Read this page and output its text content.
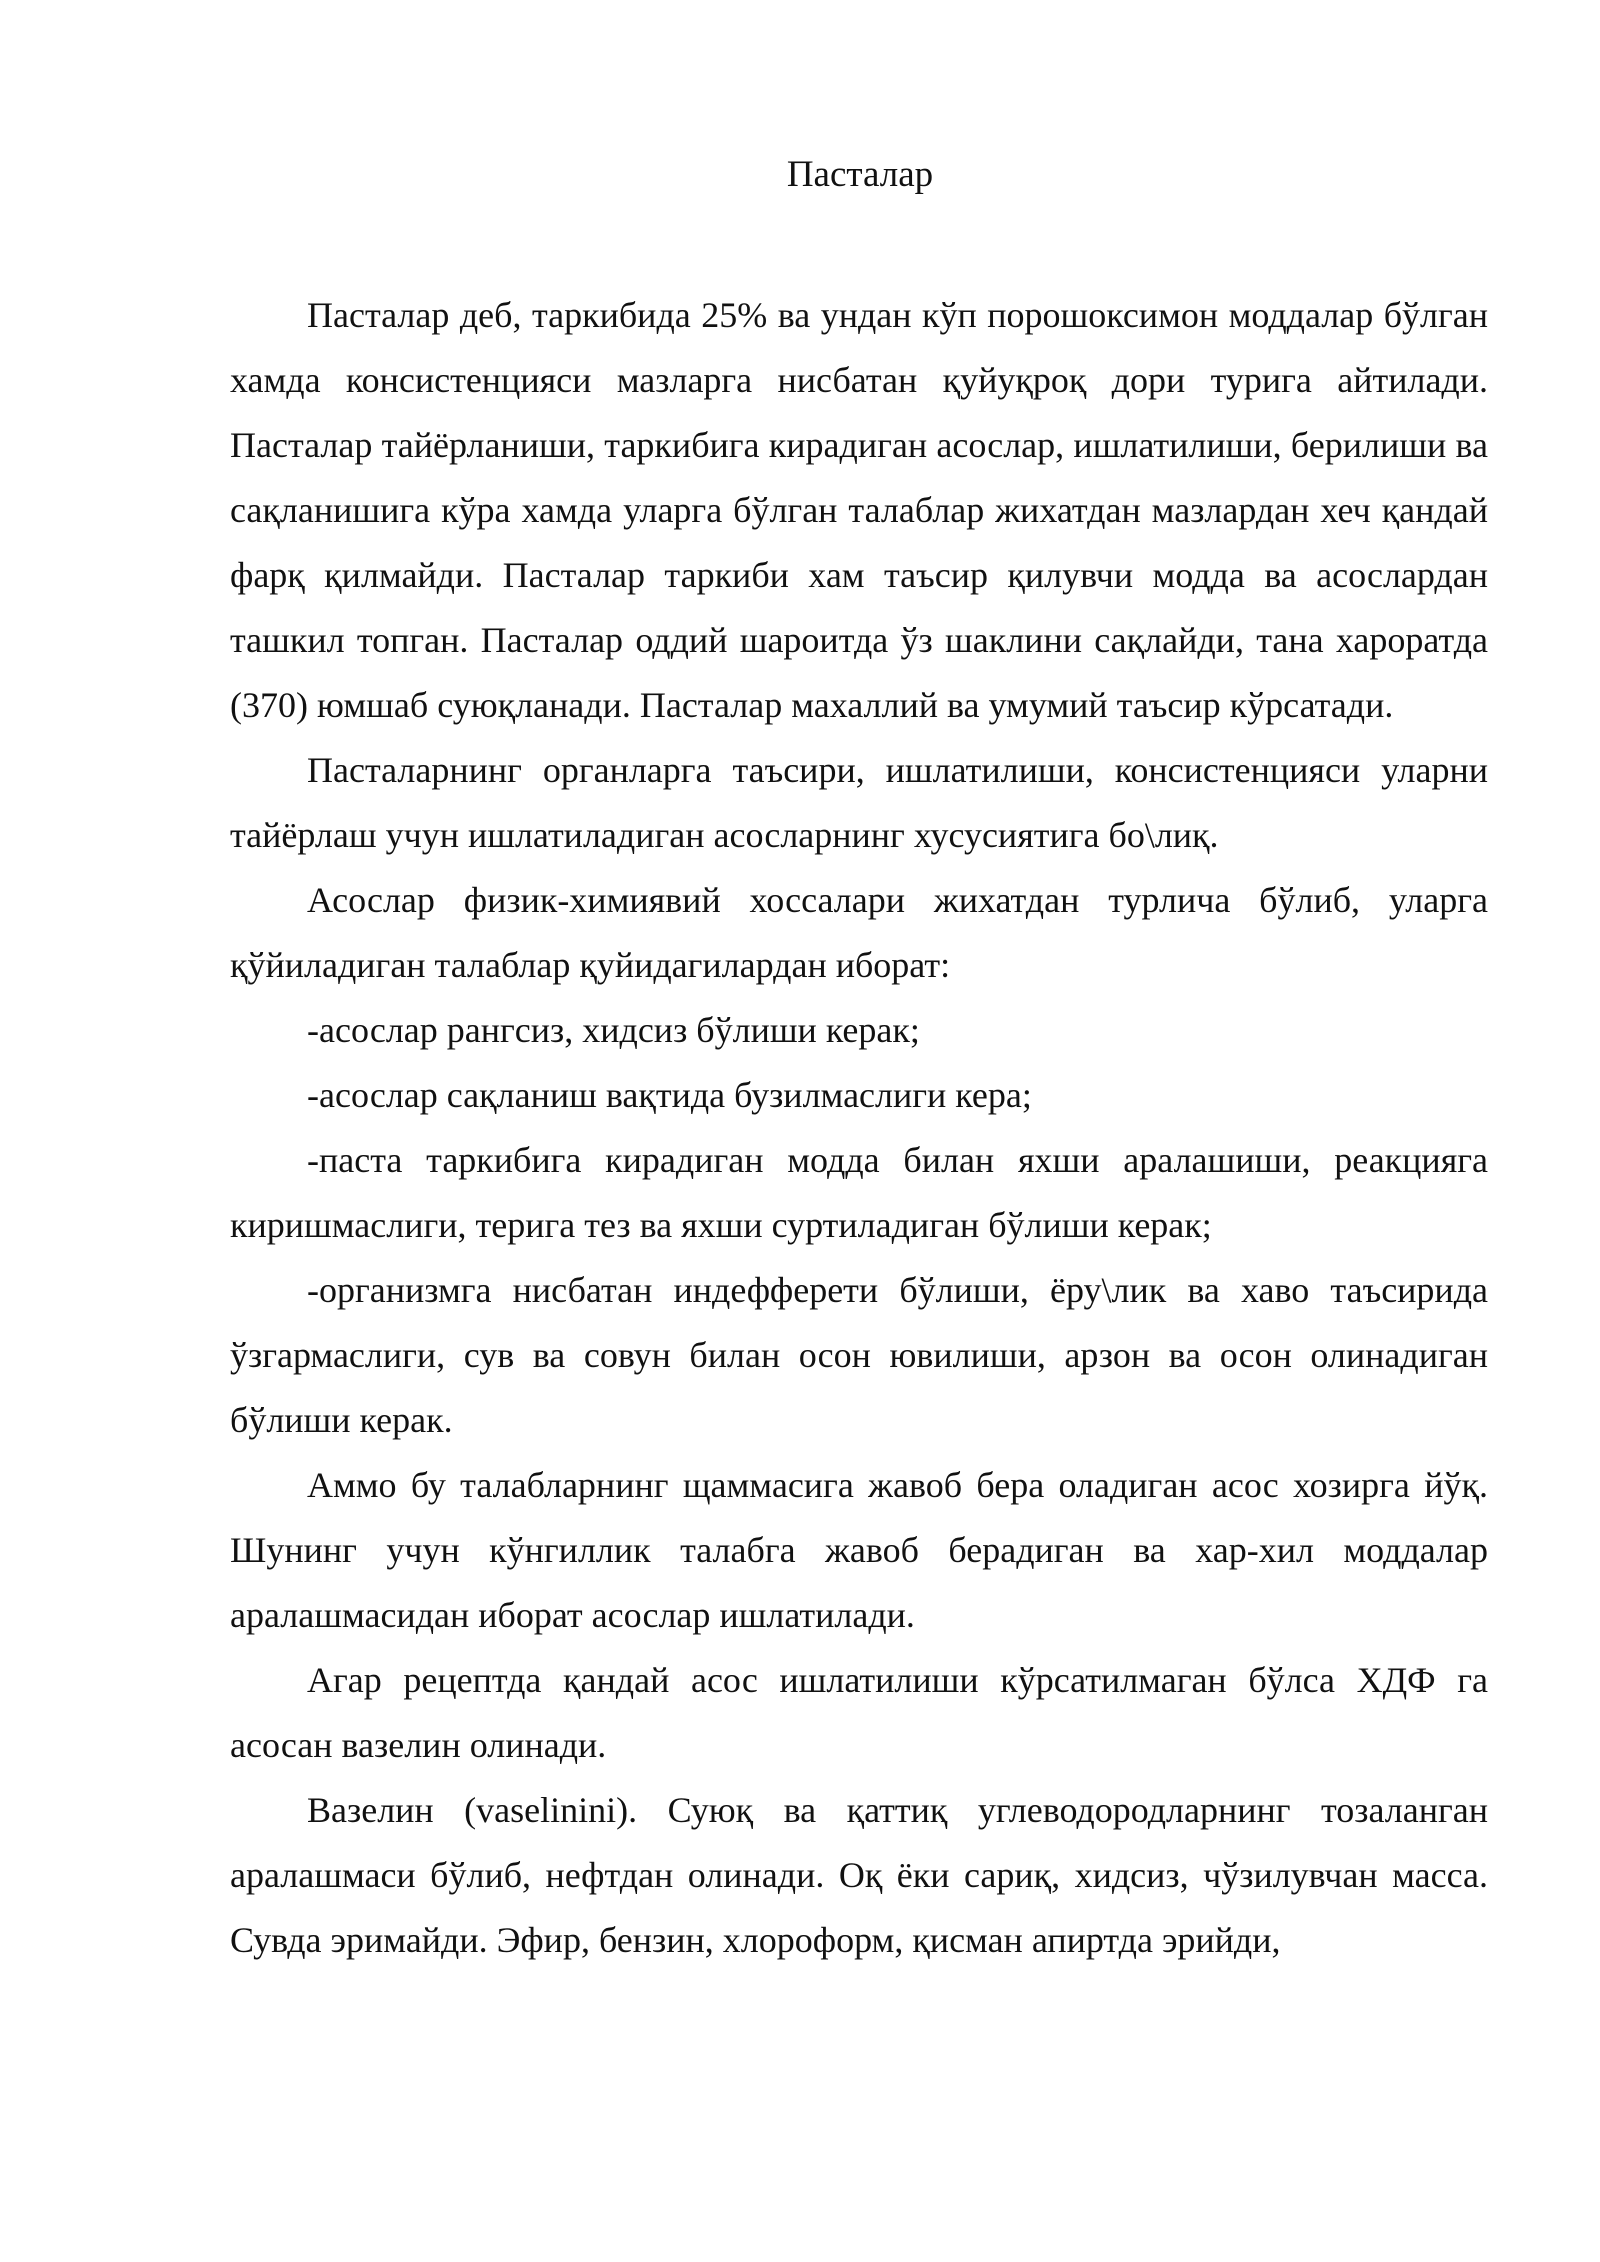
Пасталар

Пасталар деб, таркибида 25% ва ундан кўп порошоксимон моддалар бўлган хамда консистенцияси мазларга нисбатан қуйуқроқ дори турига айтилади. Пасталар тайёрланиши, таркибига кирадиган асослар, ишлатилиши, берилиши ва сақланишига кўра хамда уларга бўлган талаблар жихатдан мазлардан хеч қандай фарқ қилмайди. Пасталар таркиби хам таъсир қилувчи модда ва асослардан ташкил топган. Пасталар оддий шароитда ўз шаклини сақлайди, тана хароратда (370) юмшаб суюқланади. Пасталар махаллий ва умумий таъсир кўрсатади.

Пасталарнинг органларга таъсири, ишлатилиши, консистенцияси уларни тайёрлаш учун ишлатиладиган асосларнинг хусусиятига бо\лиқ.

Асослар физик-химиявий хоссалари жихатдан турлича бўлиб, уларга қўйиладиган талаблар қуйидагилардан иборат:

-асослар рангсиз, хидсиз бўлиши керак;

-асослар сақланиш вақтида бузилмаслиги кера;

-паста таркибига кирадиган модда билан яхши аралашиши, реакцияга киришмаслиги, терига тез ва яхши суртиладиган бўлиши керак;

-организмга нисбатан индефферети бўлиши, ёру\лик ва хаво таъсирида ўзгармаслиги, сув ва совун билан осон ювилиши, арзон ва осон олинадиган бўлиши керак.

Аммо бу талабларнинг щаммасига жавоб бера оладиган асос хозирга йўқ. Шунинг учун кўнгиллик талабга жавоб берадиган ва хар-хил моддалар аралашмасидан иборат асослар ишлатилади.

Агар рецептда қандай асос ишлатилиши кўрсатилмаган бўлса ХДФ га асосан вазелин олинади.

Вазелин (vaselinini). Суюқ ва қаттиқ углеводородларнинг тозаланган аралашмаси бўлиб, нефтдан олинади. Оқ ёки сариқ, хидсиз, чўзилувчан масса. Сувда эримайди. Эфир, бензин, хлороформ, қисман апиртда эрийди,
